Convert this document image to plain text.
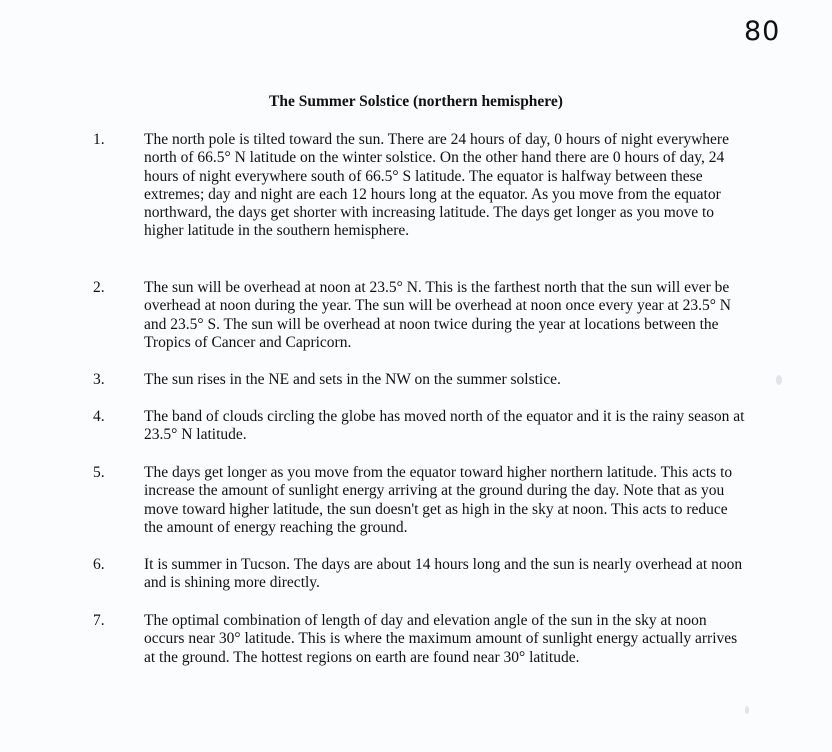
80
The Summer Solstice (northern hemisphere)
1.	The north pole is tilted toward the sun. There are 24 hours of day, 0 hours of night everywhere north of 66.5° N latitude on the winter solstice. On the other hand there are 0 hours of day, 24 hours of night everywhere south of 66.5° S latitude. The equator is halfway between these extremes; day and night are each 12 hours long at the equator. As you move from the equator northward, the days get shorter with increasing latitude. The days get longer as you move to higher latitude in the southern hemisphere.
2.	The sun will be overhead at noon at 23.5° N. This is the farthest north that the sun will ever be overhead at noon during the year. The sun will be overhead at noon once every year at 23.5° N and 23.5° S. The sun will be overhead at noon twice during the year at locations between the Tropics of Cancer and Capricorn.
3.	The sun rises in the NE and sets in the NW on the summer solstice.
4.	The band of clouds circling the globe has moved north of the equator and it is the rainy season at 23.5° N latitude.
5.	The days get longer as you move from the equator toward higher northern latitude. This acts to increase the amount of sunlight energy arriving at the ground during the day. Note that as you move toward higher latitude, the sun doesn't get as high in the sky at noon. This acts to reduce the amount of energy reaching the ground.
6.	It is summer in Tucson. The days are about 14 hours long and the sun is nearly overhead at noon and is shining more directly.
7.	The optimal combination of length of day and elevation angle of the sun in the sky at noon occurs near 30° latitude. This is where the maximum amount of sunlight energy actually arrives at the ground. The hottest regions on earth are found near 30° latitude.
